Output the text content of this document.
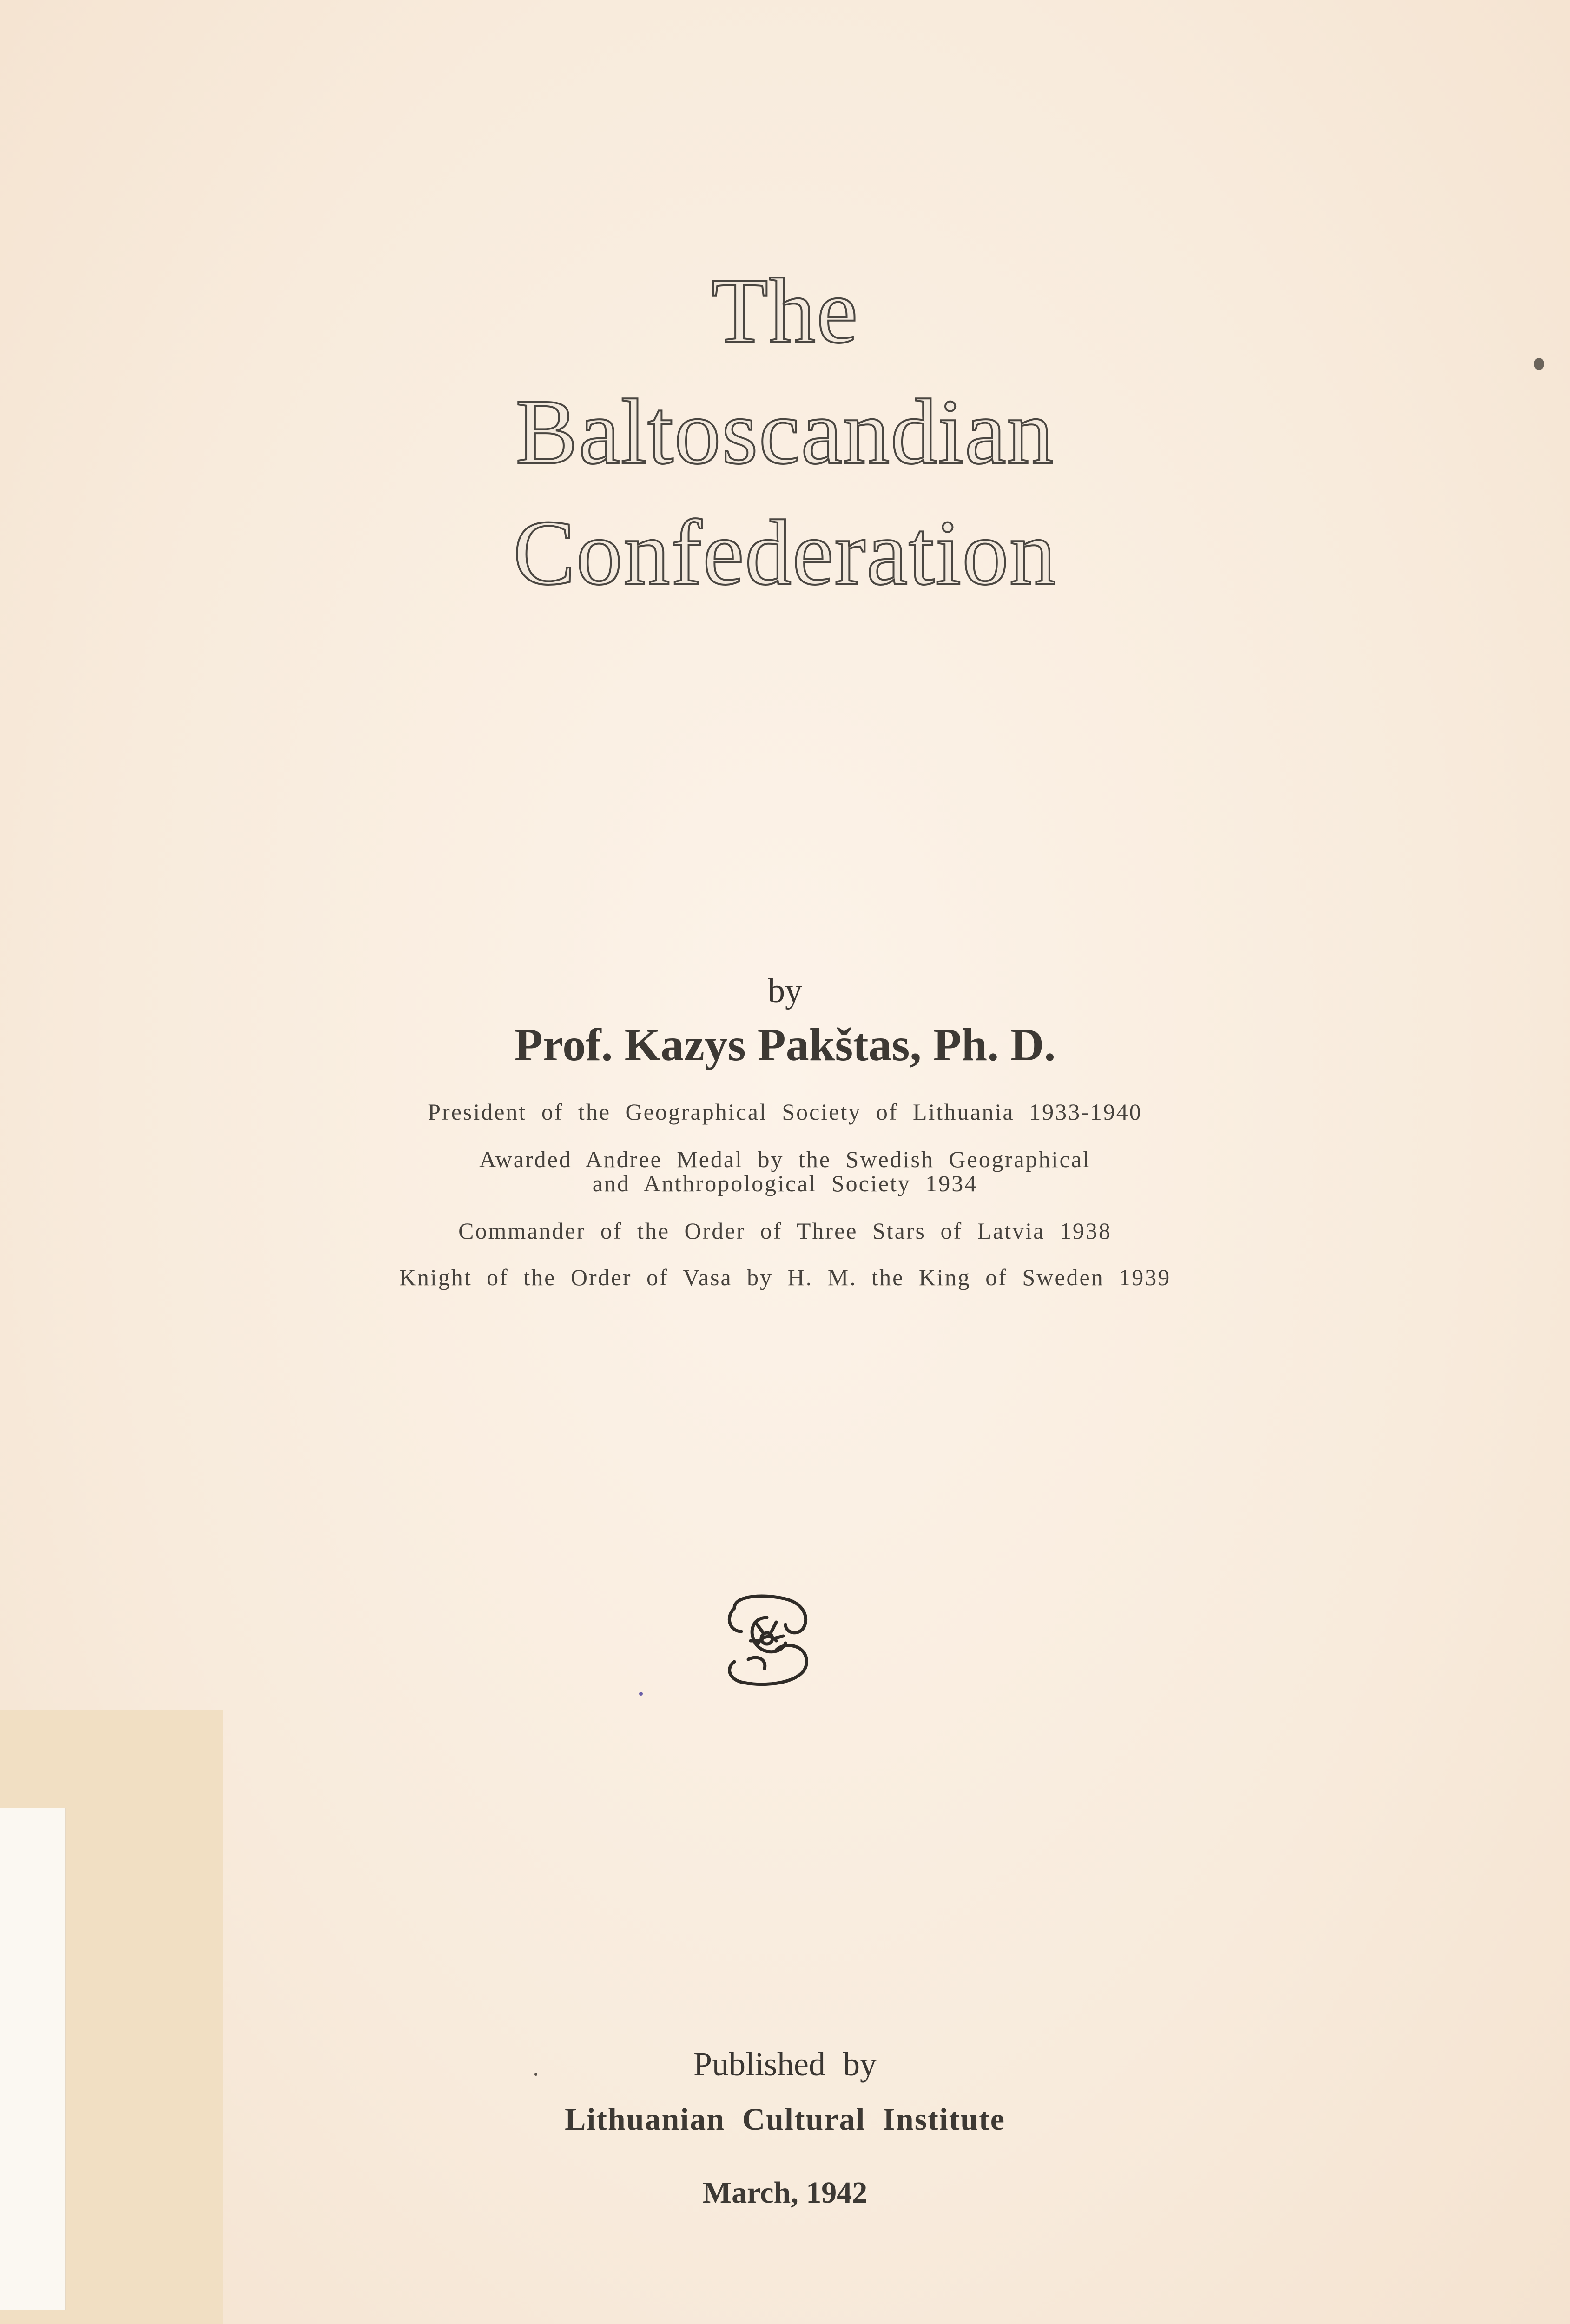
The
Baltoscandian
Confederation
by
Prof. Kazys Pakštas, Ph. D.
President of the Geographical Society of Lithuania 1933-1940
Awarded Andree Medal by the Swedish Geographical
and Anthropological Society 1934
Commander of the Order of Three Stars of Latvia 1938
Knight of the Order of Vasa by H. M. the King of Sweden 1939
Published by
Lithuanian Cultural Institute
March, 1942
